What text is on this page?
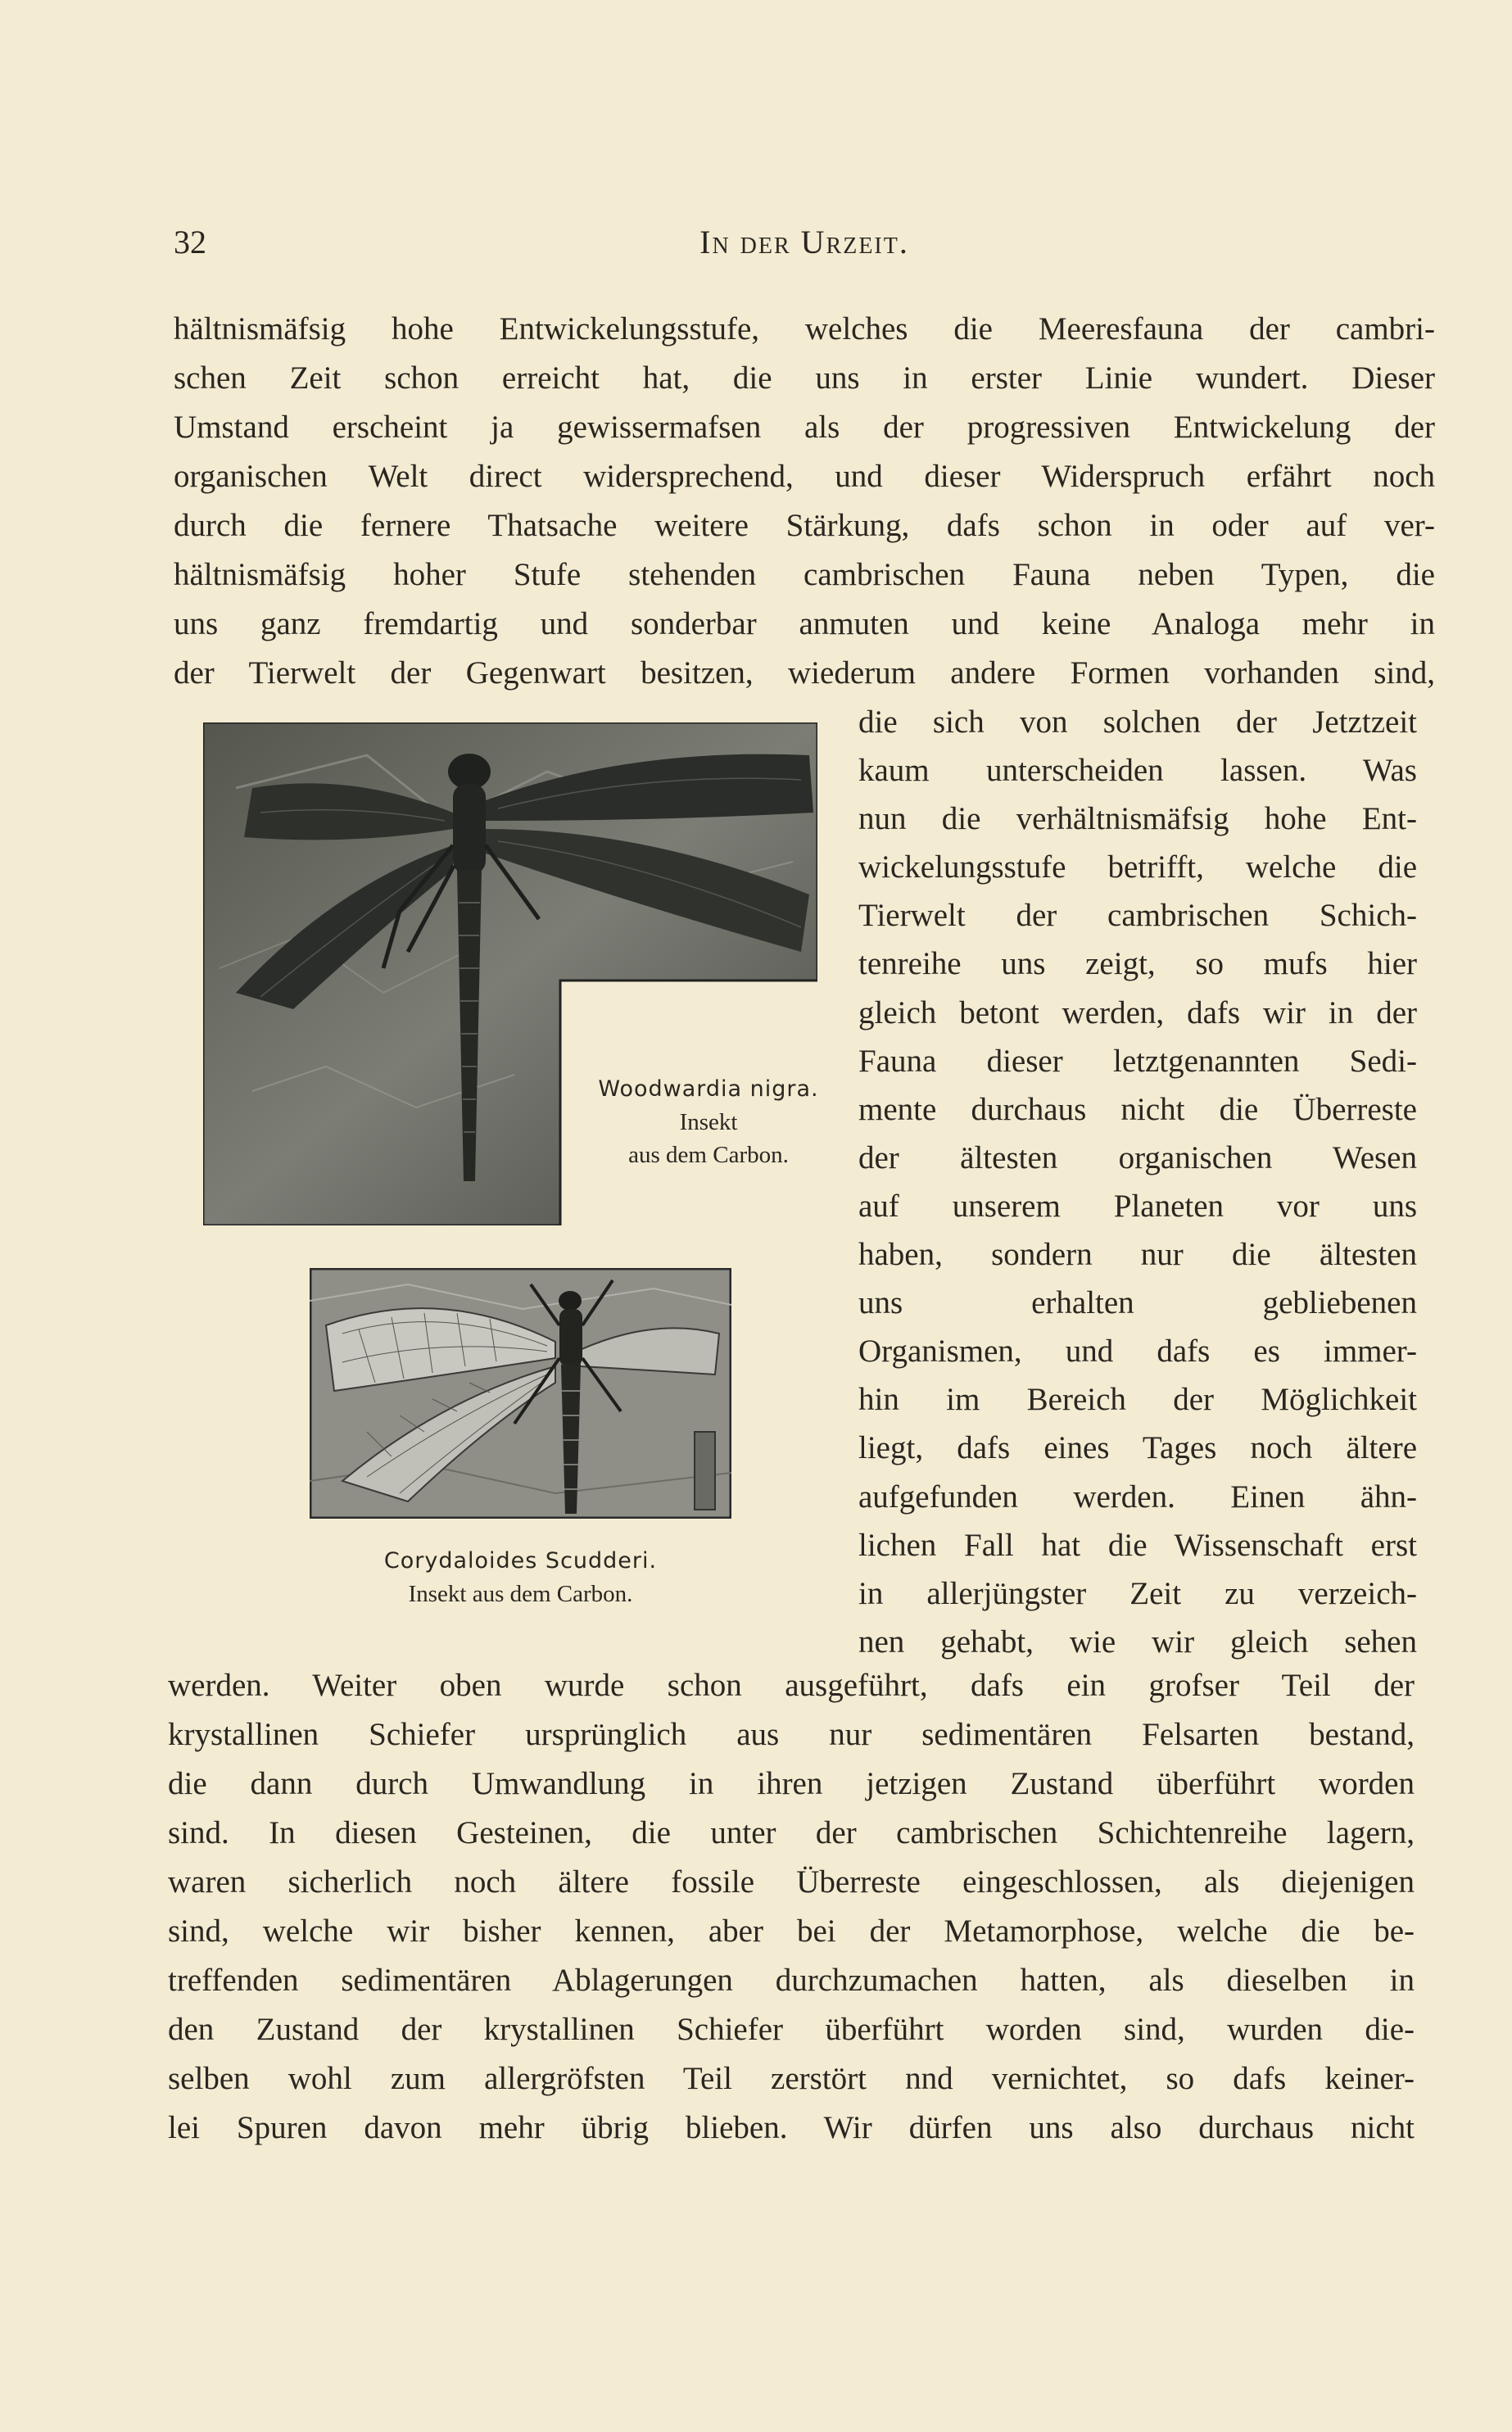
32	In der Urzeit.
hältnismäfsig hohe Entwickelungsstufe, welches die Meeresfauna der cambri-
schen Zeit schon erreicht hat, die uns in erster Linie wundert. Dieser
Umstand erscheint ja gewissermafsen als der progressiven Entwickelung der
organischen Welt direct widersprechend, und dieser Widerspruch erfährt noch
durch die fernere Thatsache weitere Stärkung, dafs schon in oder auf ver-
hältnismäfsig hoher Stufe stehenden cambrischen Fauna neben Typen, die
uns ganz fremdartig und sonderbar anmuten und keine Analoga mehr in
der Tierwelt der Gegenwart besitzen, wiederum andere Formen vorhanden sind,
die sich von solchen der Jetztzeit
kaum unterscheiden lassen. Was
nun die verhältnismäfsig hohe Ent-
wickelungsstufe betrifft, welche die
Tierwelt der cambrischen Schich-
tenreihe uns zeigt, so mufs hier
gleich betont werden, dafs wir in der
Fauna dieser letztgenannten Sedi-
mente durchaus nicht die Überreste
der ältesten organischen Wesen
auf unserem Planeten vor uns
haben, sondern nur die ältesten
uns erhalten gebliebenen
Organismen, und dafs es immer-
hin im Bereich der Möglichkeit
liegt, dafs eines Tages noch ältere
aufgefunden werden. Einen ähn-
lichen Fall hat die Wissenschaft erst
in allerjüngster Zeit zu verzeich-
nen gehabt, wie wir gleich sehen
Woodwardia nigra.
Insekt
aus dem Carbon.
Corydaloides Scudderi.
Insekt aus dem Carbon.
werden. Weiter oben wurde schon ausgeführt, dafs ein grofser Teil der
krystallinen Schiefer ursprünglich aus nur sedimentären Felsarten bestand,
die dann durch Umwandlung in ihren jetzigen Zustand überführt worden
sind. In diesen Gesteinen, die unter der cambrischen Schichtenreihe lagern,
waren sicherlich noch ältere fossile Überreste eingeschlossen, als diejenigen
sind, welche wir bisher kennen, aber bei der Metamorphose, welche die be-
treffenden sedimentären Ablagerungen durchzumachen hatten, als dieselben in
den Zustand der krystallinen Schiefer überführt worden sind, wurden die-
selben wohl zum allergröfsten Teil zerstört nnd vernichtet, so dafs keiner-
lei Spuren davon mehr übrig blieben. Wir dürfen uns also durchaus nicht
